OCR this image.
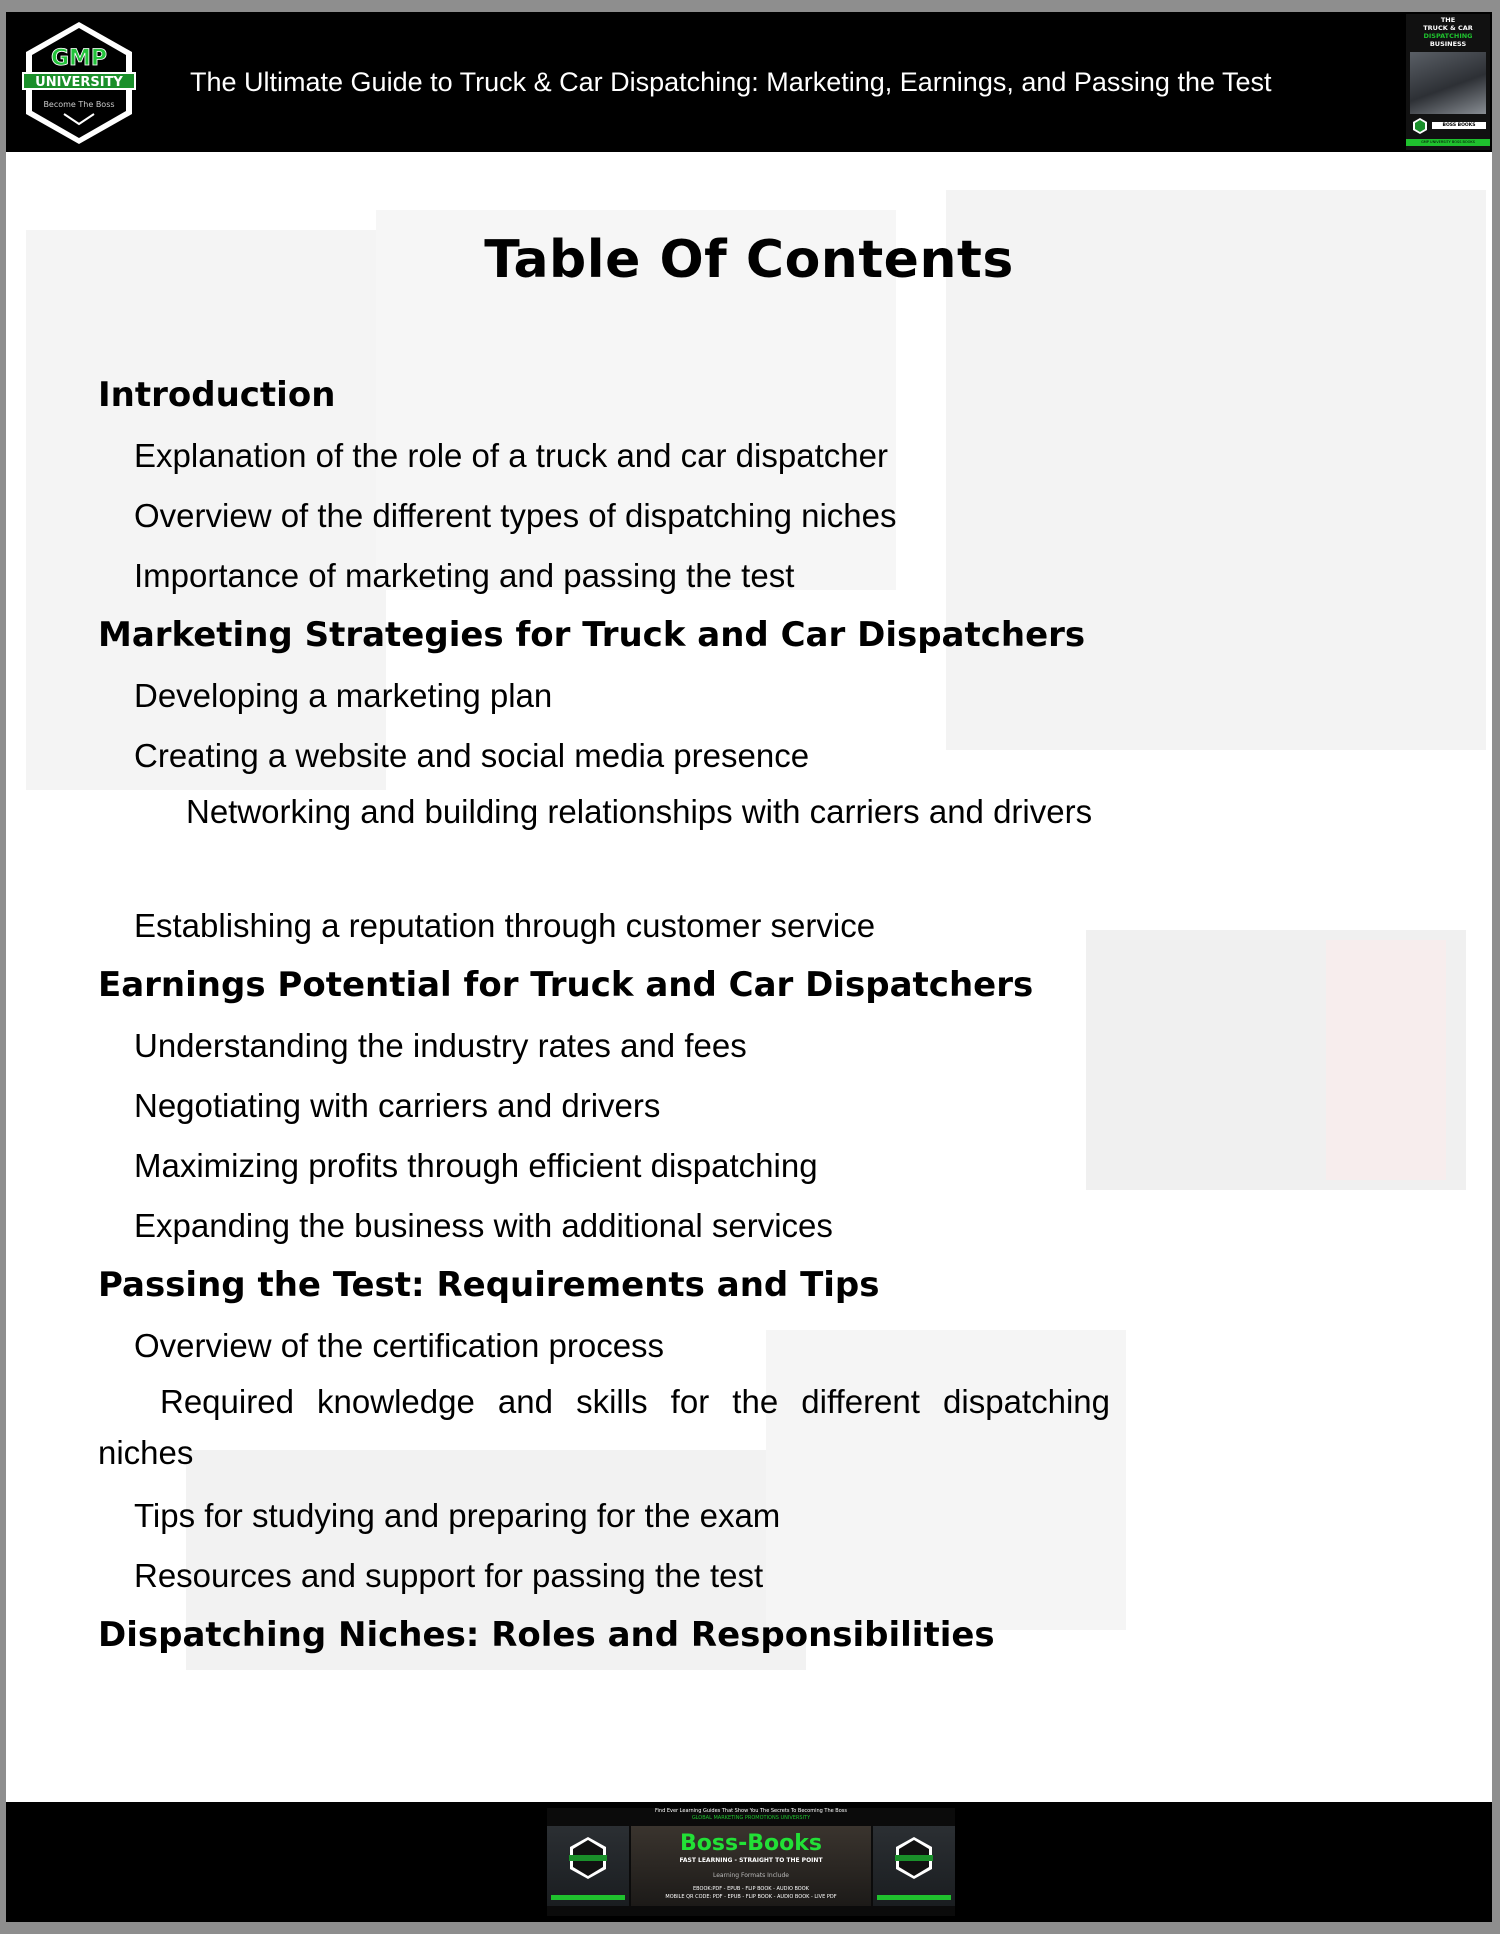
GMP
UNIVERSITY
Become The Boss
The Ultimate Guide to Truck & Car Dispatching: Marketing, Earnings, and Passing the Test
THE
TRUCK & CAR
DISPATCHING
BUSINESS
BOSS BOOKS
GMP UNIVERSITY BOSS BOOKS
Table Of Contents
Introduction
Explanation of the role of a truck and car dispatcher
Overview of the different types of dispatching niches
Importance of marketing and passing the test
Marketing Strategies for Truck and Car Dispatchers
Developing a marketing plan
Creating a website and social media presence
Networking and building relationships with carriers and drivers
Establishing a reputation through customer service
Earnings Potential for Truck and Car Dispatchers
Understanding the industry rates and fees
Negotiating with carriers and drivers
Maximizing profits through efficient dispatching
Expanding the business with additional services
Passing the Test: Requirements and Tips
Overview of the certification process
Required knowledge and skills for the different dispatching niches
Tips for studying and preparing for the exam
Resources and support for passing the test
Dispatching Niches: Roles and Responsibilities
Find Ever Learning Guides That Show You The Secrets To Becoming The Boss
GLOBAL MARKETING PROMOTIONS UNIVERSITY
Boss-Books
FAST LEARNING - STRAIGHT TO THE POINT
Learning Formats Include
EBOOK:PDF - EPUB - FLIP BOOK - AUDIO BOOK
MOBILE QR CODE: PDF - EPUB - FLIP BOOK - AUDIO BOOK - LIVE PDF
